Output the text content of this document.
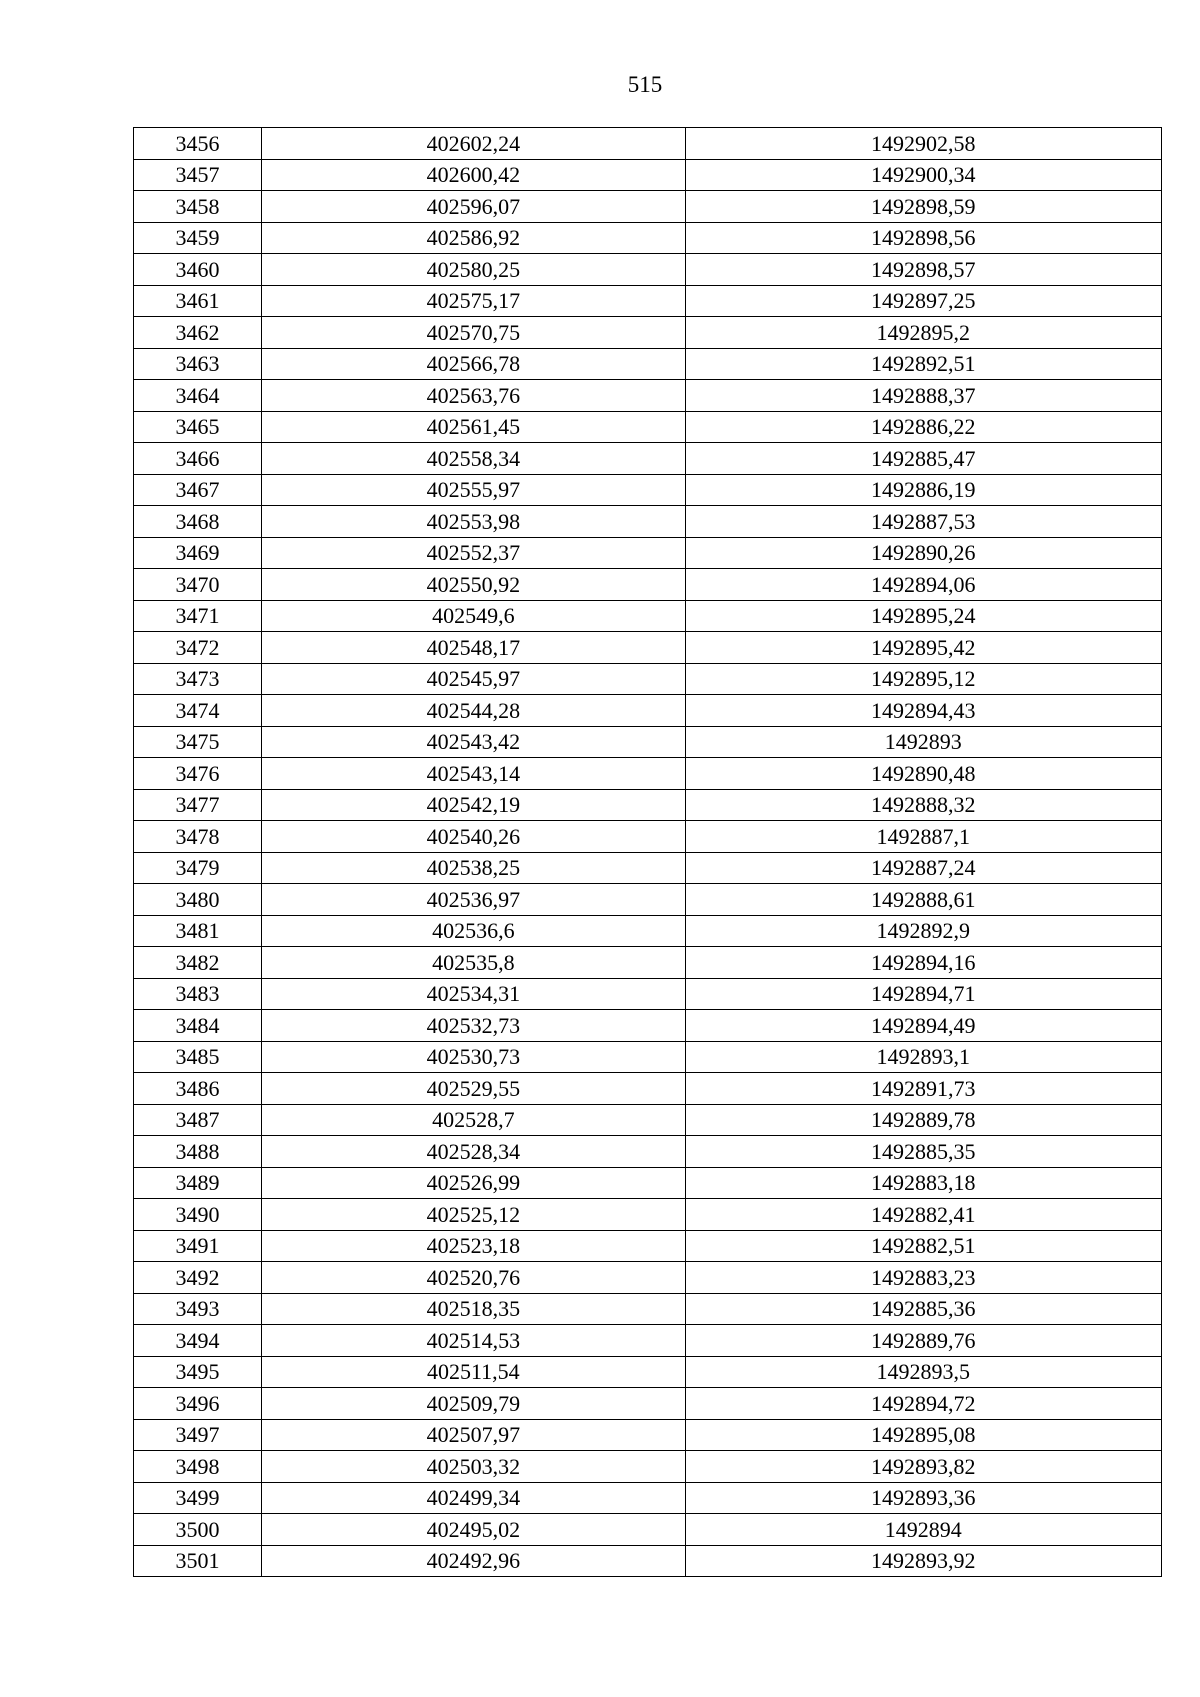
515
3456	402602,24	1492902,58
3457	402600,42	1492900,34
3458	402596,07	1492898,59
3459	402586,92	1492898,56
3460	402580,25	1492898,57
3461	402575,17	1492897,25
3462	402570,75	1492895,2
3463	402566,78	1492892,51
3464	402563,76	1492888,37
3465	402561,45	1492886,22
3466	402558,34	1492885,47
3467	402555,97	1492886,19
3468	402553,98	1492887,53
3469	402552,37	1492890,26
3470	402550,92	1492894,06
3471	402549,6	1492895,24
3472	402548,17	1492895,42
3473	402545,97	1492895,12
3474	402544,28	1492894,43
3475	402543,42	1492893
3476	402543,14	1492890,48
3477	402542,19	1492888,32
3478	402540,26	1492887,1
3479	402538,25	1492887,24
3480	402536,97	1492888,61
3481	402536,6	1492892,9
3482	402535,8	1492894,16
3483	402534,31	1492894,71
3484	402532,73	1492894,49
3485	402530,73	1492893,1
3486	402529,55	1492891,73
3487	402528,7	1492889,78
3488	402528,34	1492885,35
3489	402526,99	1492883,18
3490	402525,12	1492882,41
3491	402523,18	1492882,51
3492	402520,76	1492883,23
3493	402518,35	1492885,36
3494	402514,53	1492889,76
3495	402511,54	1492893,5
3496	402509,79	1492894,72
3497	402507,97	1492895,08
3498	402503,32	1492893,82
3499	402499,34	1492893,36
3500	402495,02	1492894
3501	402492,96	1492893,92
